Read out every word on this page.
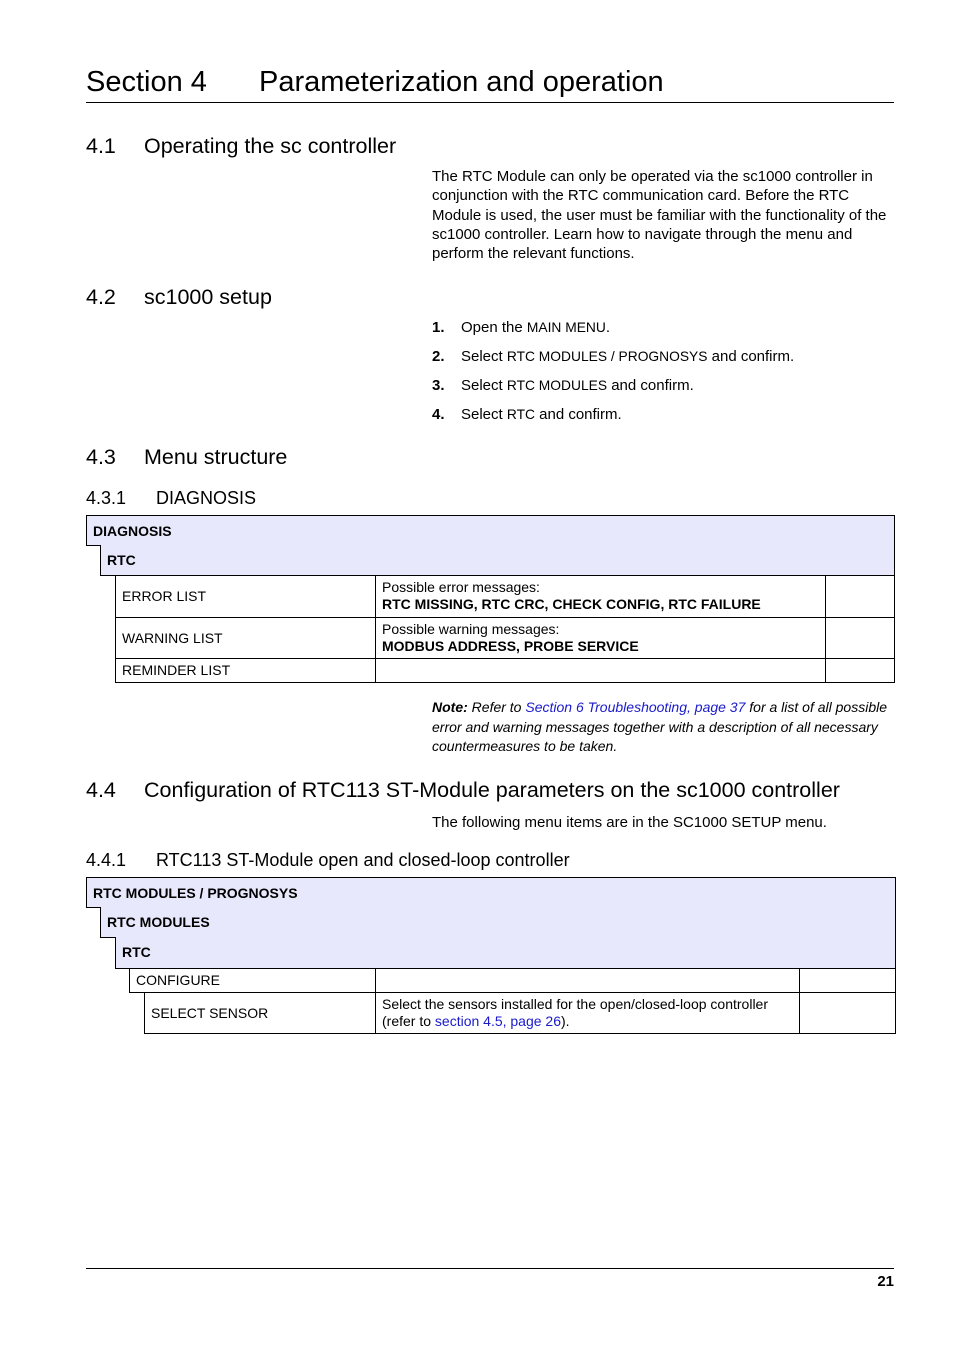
Section 4 Parameterization and operation
4.1 Operating the sc controller
The RTC Module can only be operated via the sc1000 controller in conjunction with the RTC communication card. Before the RTC Module is used, the user must be familiar with the functionality of the sc1000 controller. Learn how to navigate through the menu and perform the relevant functions.
4.2 sc1000 setup
1. Open the MAIN MENU.
2. Select RTC MODULES / PROGNOSYS and confirm.
3. Select RTC MODULES and confirm.
4. Select RTC and confirm.
4.3 Menu structure
4.3.1 DIAGNOSIS
DIAGNOSIS
RTC
ERROR LIST
Possible error messages:
RTC MISSING, RTC CRC, CHECK CONFIG, RTC FAILURE
WARNING LIST
Possible warning messages:
MODBUS ADDRESS, PROBE SERVICE
REMINDER LIST
Note: Refer to Section 6 Troubleshooting, page 37 for a list of all possible error and warning messages together with a description of all necessary countermeasures to be taken.
4.4 Configuration of RTC113 ST-Module parameters on the sc1000 controller
The following menu items are in the SC1000 SETUP menu.
4.4.1 RTC113 ST-Module open and closed-loop controller
RTC MODULES / PROGNOSYS
RTC MODULES
RTC
CONFIGURE
SELECT SENSOR
Select the sensors installed for the open/closed-loop controller (refer to section 4.5, page 26).
21
